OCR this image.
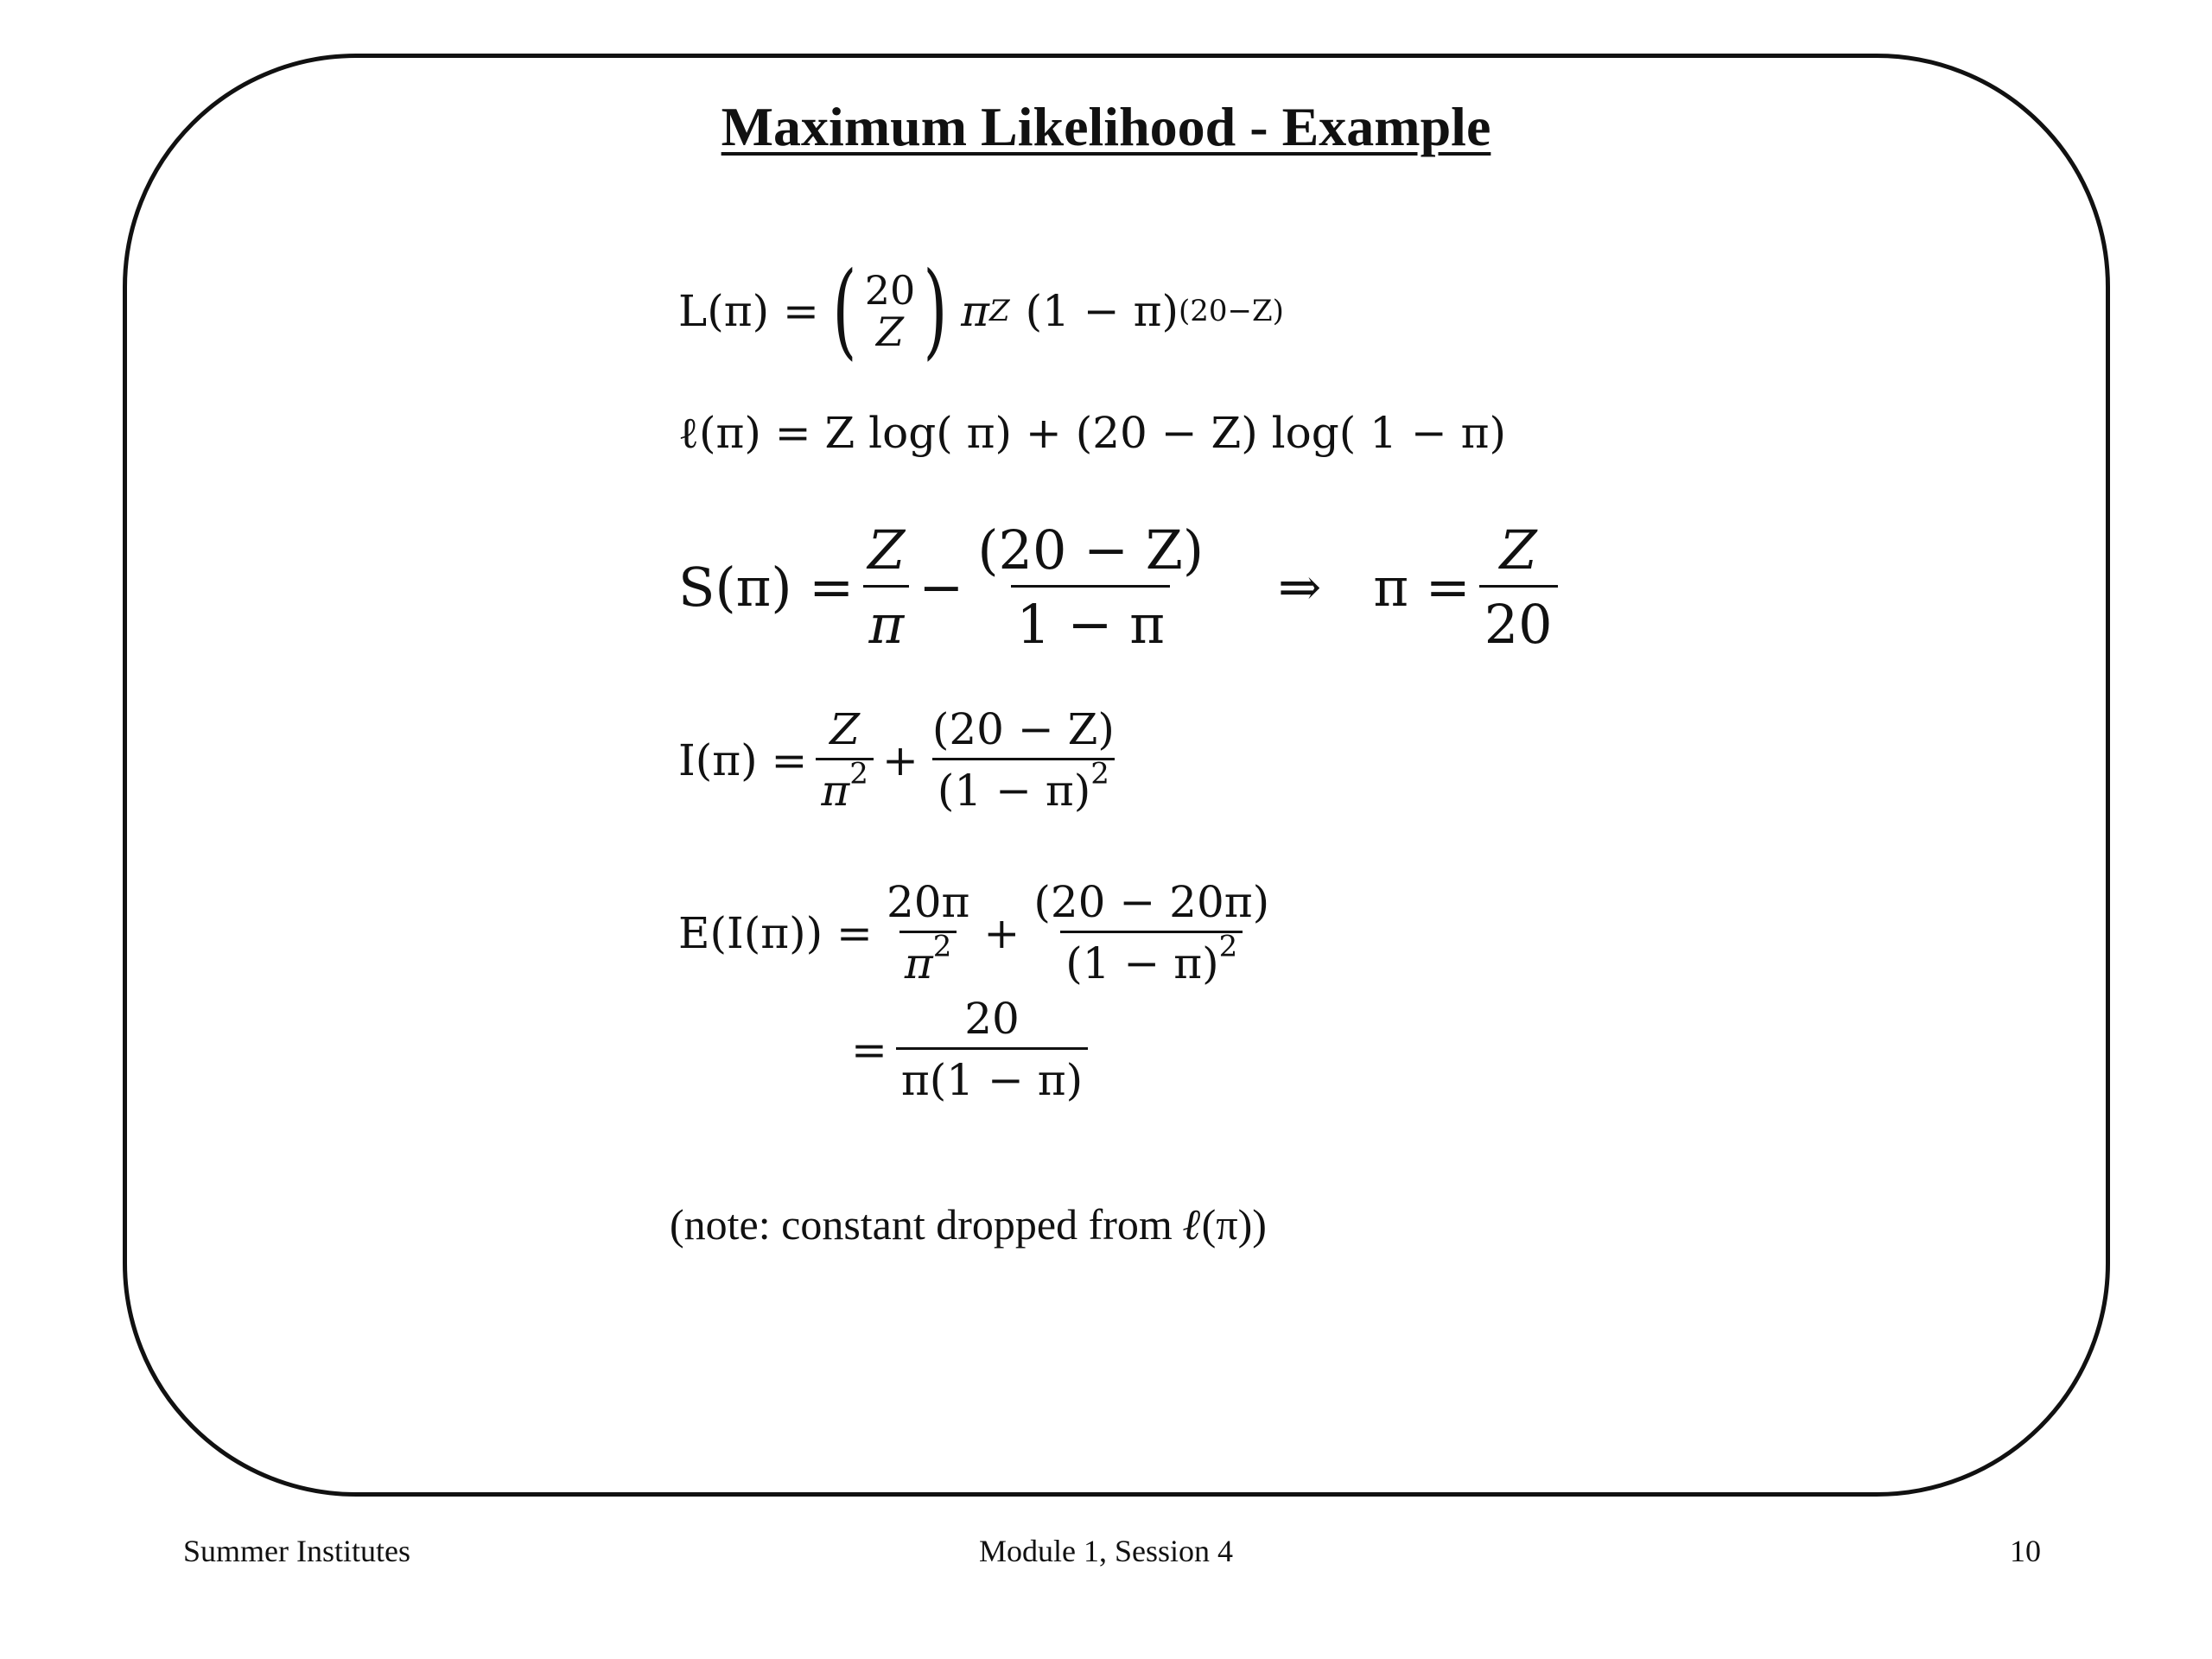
Maximum Likelihood - Example
L(π) = ( 20
Z ) π Z (1 − π) (20−Z)
ℓ(π) = Z log( π) + (20 − Z) log( 1 − π)
$S(\pi) = \frac{Z}{\pi} - \frac{(20 - Z)}{1 - \pi}$ ⇒ $\pi = \frac{Z}{20}$
$I(\pi) = \frac{Z}{\pi^2} + \frac{(20 - Z)}{(1 - \pi)^2}$
$E(I(\pi)) = \frac{20\pi}{\pi^2} + \frac{(20 - 20\pi)}{(1 - \pi)^2}$
= $\frac{20}{\pi(1 - \pi)}$
(note: constant dropped from ℓ(π))
Summer Institutes	Module 1, Session 4	10
